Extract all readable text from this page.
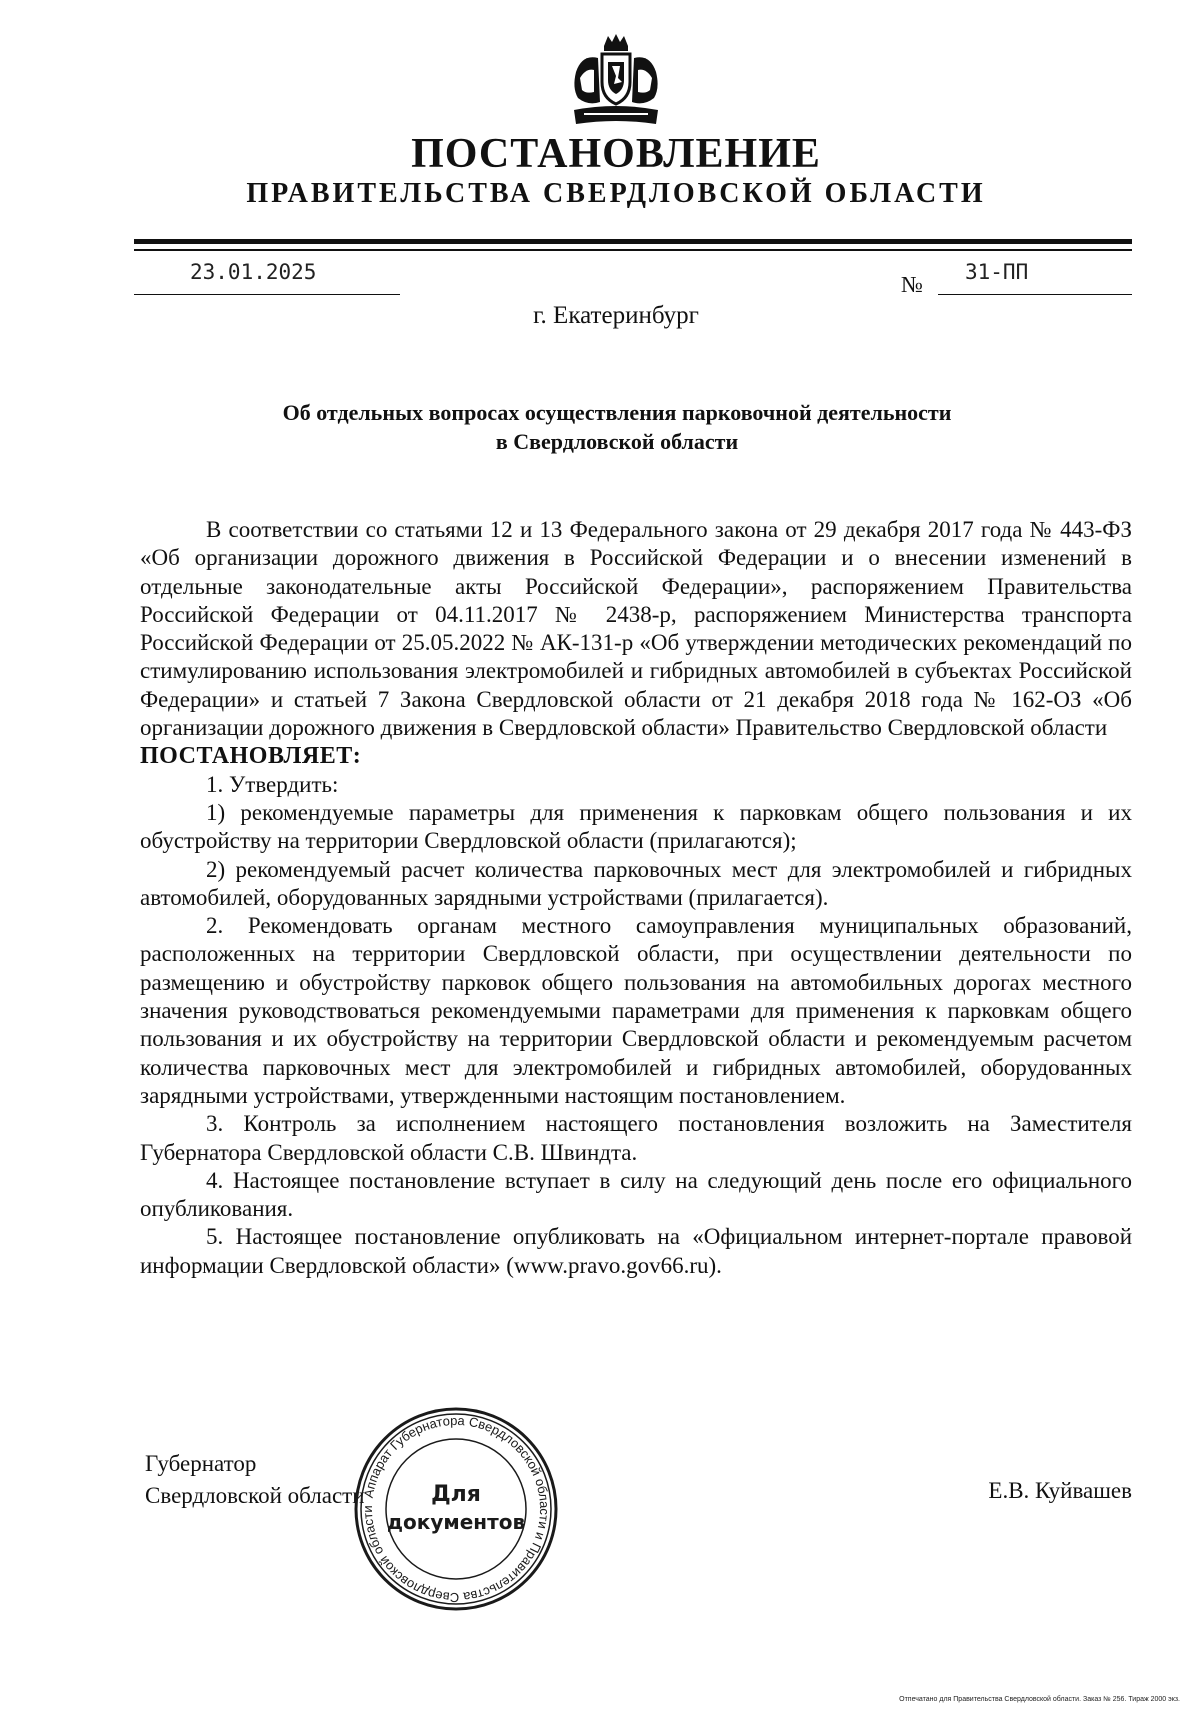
ПОСТАНОВЛЕНИЕ
ПРАВИТЕЛЬСТВА СВЕРДЛОВСКОЙ ОБЛАСТИ
23.01.2025	№ 31-ПП
г. Екатеринбург
Об отдельных вопросах осуществления парковочной деятельности
в Свердловской области

В соответствии со статьями 12 и 13 Федерального закона от 29 декабря 2017 года № 443-ФЗ «Об организации дорожного движения в Российской Федерации и о внесении изменений в отдельные законодательные акты Российской Федерации», распоряжением Правительства Российской Федерации от 04.11.2017 № 2438-р, распоряжением Министерства транспорта Российской Федерации от 25.05.2022 № АК-131-р «Об утверждении методических рекомендаций по стимулированию использования электромобилей и гибридных автомобилей в субъектах Российской Федерации» и статьей 7 Закона Свердловской области от 21 декабря 2018 года № 162-ОЗ «Об организации дорожного движения в Свердловской области» Правительство Свердловской области

ПОСТАНОВЛЯЕТ:

1. Утвердить:

1) рекомендуемые параметры для применения к парковкам общего пользования и их обустройству на территории Свердловской области (прилагаются);

2) рекомендуемый расчет количества парковочных мест для электромобилей и гибридных автомобилей, оборудованных зарядными устройствами (прилагается).

2. Рекомендовать органам местного самоуправления муниципальных образований, расположенных на территории Свердловской области, при осуществлении деятельности по размещению и обустройству парковок общего пользования на автомобильных дорогах местного значения руководствоваться рекомендуемыми параметрами для применения к парковкам общего пользования и их обустройству на территории Свердловской области и рекомендуемым расчетом количества парковочных мест для электромобилей и гибридных автомобилей, оборудованных зарядными устройствами, утвержденными настоящим постановлением.

3. Контроль за исполнением настоящего постановления возложить на Заместителя Губернатора Свердловской области С.В. Швиндта.

4. Настоящее постановление вступает в силу на следующий день после его официального опубликования.

5. Настоящее постановление опубликовать на «Официальном интернет-портале правовой информации Свердловской области» (www.pravo.gov66.ru).

Губернатор
Свердловской области
Аппарат Губернатора Свердловской области и Правительства Свердловской области
Для
документов
Е.В. Куйвашев
Отпечатано для Правительства Свердловской области. Заказ № 256. Тираж 2000 экз.
